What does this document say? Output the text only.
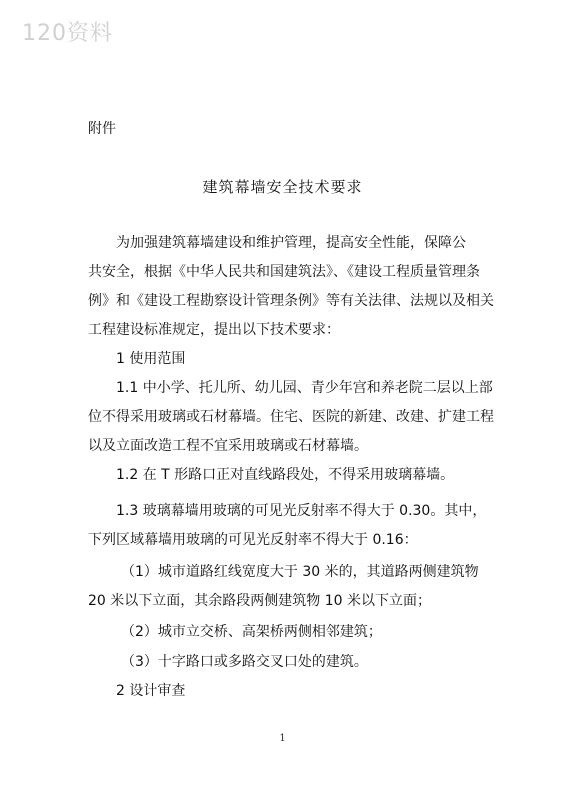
120资料
附件
建筑幕墙安全技术要求
为加强建筑幕墙建设和维护管理，提高安全性能，保障公
共安全，根据《中华人民共和国建筑法》、《建设工程质量管理条
例》和《建设工程勘察设计管理条例》等有关法律、法规以及相关
工程建设标准规定，提出以下技术要求：
1 使用范围
1.1 中小学、托儿所、幼儿园、青少年宫和养老院二层以上部
位不得采用玻璃或石材幕墙。住宅、医院的新建、改建、扩建工程
以及立面改造工程不宜采用玻璃或石材幕墙。
1.2 在 T 形路口正对直线路段处，不得采用玻璃幕墙。
1.3 玻璃幕墙用玻璃的可见光反射率不得大于 0.30。其中，
下列区域幕墙用玻璃的可见光反射率不得大于 0.16：
（1）城市道路红线宽度大于 30 米的，其道路两侧建筑物
20 米以下立面，其余路段两侧建筑物 10 米以下立面；
（2）城市立交桥、高架桥两侧相邻建筑；
（3）十字路口或多路交叉口处的建筑。
2 设计审查
1
